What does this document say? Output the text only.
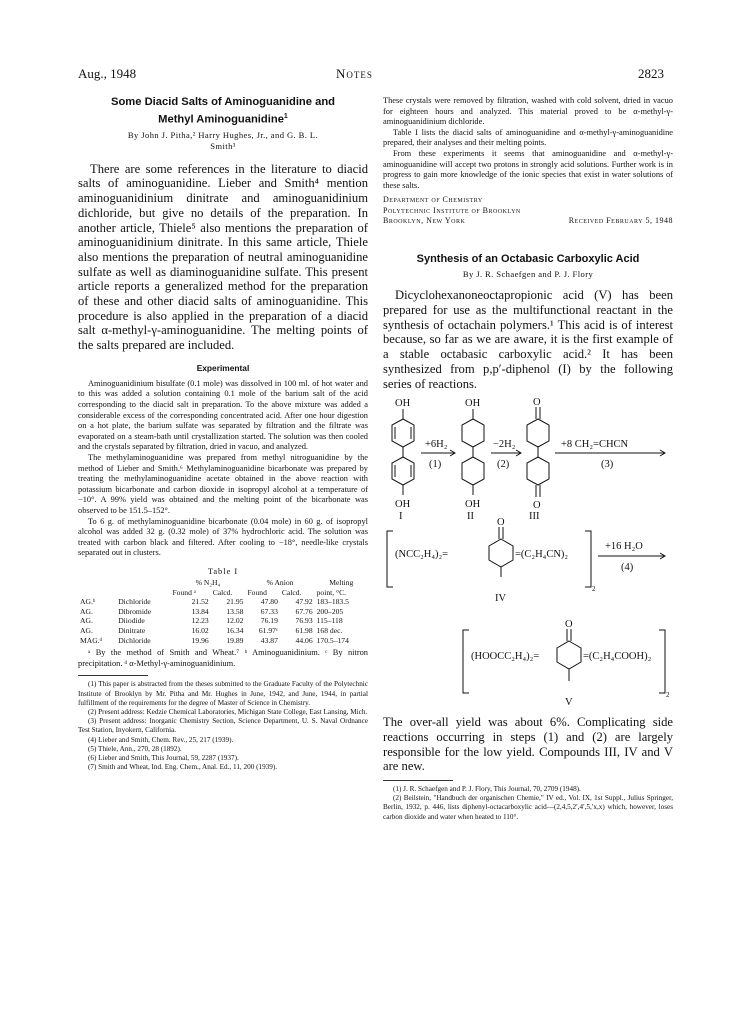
Aug., 1948	Notes	2823

Some Diacid Salts of Aminoguanidine and
Methyl Aminoguanidine$^1$

By John J. Pitha,² Harry Hughes, Jr., and G. B. L.
Smith³

There are some references in the literature to diacid salts of aminoguanidine. Lieber and Smith⁴ mention aminoguanidinium dinitrate and aminoguanidinium dichloride, but give no details of the preparation. In another article, Thiele⁵ also mentions the preparation of aminoguanidinium dinitrate. In this same article, Thiele also mentions the preparation of neutral aminoguanidine sulfate as well as diaminoguanidine sulfate. This present article reports a generalized method for the preparation of these and other diacid salts of aminoguanidine. This procedure is also applied in the preparation of a diacid salt α-methyl-γ-aminoguanidine. The melting points of the salts prepared are included.

Experimental

Aminoguanidinium bisulfate (0.1 mole) was dissolved in 100 ml. of hot water and to this was added a solution containing 0.1 mole of the barium salt of the acid corresponding to the diacid salt in preparation. To the above mixture was added a considerable excess of the corresponding concentrated acid. After one hour digestion on a hot plate, the barium sulfate was separated by filtration and the filtrate was evaporated on a steam-bath until crystallization started. The solution was then cooled and the crystals separated by filtration, dried in vacuo, and analyzed.

The methylaminoguanidine was prepared from methyl nitroguanidine by the method of Lieber and Smith.⁶ Methylaminoguanidine bicarbonate was prepared by treating the methylaminoguanidine acetate obtained in the above reaction with potassium bicarbonate and carbon dioxide in isopropyl alcohol at a temperature of −10°. A 99% yield was obtained and the melting point of the bicarbonate was observed to be 151.5–152°.

To 6 g. of methylaminoguanidine bicarbonate (0.04 mole) in 60 g. of isopropyl alcohol was added 32 g. (0.32 mole) of 37% hydrochloric acid. The solution was treated with carbon black and filtered. After cooling to −18°, needle-like crystals separated out in clusters.

Table I
		% N₂H₄		% Anion		Melting
		Found ᵃ	Calcd.	Found	Calcd.	point, °C.
AG.ᵇ	Dichloride	21.52	21.95	47.80	47.92	183–183.5
AG.	Dibromide	13.84	13.58	67.33	67.76	200–205
AG.	Diiodide	12.23	12.02	76.19	76.93	115–118
AG.	Dinitrate	16.02	16.34	61.97ᶜ	61.98	168 dec.
MAG.ᵈ	Dichloride	19.96	19.89	43.87	44.06	170.5–174

ᵃ By the method of Smith and Wheat.⁷ ᵇ Aminoguanidinium. ᶜ By nitron precipitation. ᵈ α-Methyl-γ-aminoguanidinium.

(1) This paper is abstracted from the theses submitted to the Graduate Faculty of the Polytechnic Institute of Brooklyn by Mr. Pitha and Mr. Hughes in June, 1942, and June, 1944, in partial fulfillment of the requirements for the degree of Master of Science in Chemistry.

(2) Present address: Kedzie Chemical Laboratories, Michigan State College, East Lansing, Mich.

(3) Present address: Inorganic Chemistry Section, Science Department, U. S. Naval Ordnance Test Station, Inyokern, California.

(4) Lieber and Smith, Chem. Rev., 25, 217 (1939).

(5) Thiele, Ann., 270, 28 (1892).

(6) Lieber and Smith, This Journal, 59, 2287 (1937).

(7) Smith and Wheat, Ind. Eng. Chem., Anal. Ed., 11, 200 (1939).

These crystals were removed by filtration, washed with cold solvent, dried in vacuo for eighteen hours and analyzed. This material proved to be α-methyl-γ-aminoguanidinium dichloride.

Table I lists the diacid salts of aminoguanidine and α-methyl-γ-aminoguanidine prepared, their analyses and their melting points.

From these experiments it seems that aminoguanidine and α-methyl-γ-aminoguanidine will accept two protons in strongly acid solutions. Further work is in progress to gain more knowledge of the ionic species that exist in water solutions of these salts.

Department of Chemistry
Polytechnic Institute of Brooklyn
Brooklyn, New York	Received February 5, 1948

Synthesis of an Octabasic Carboxylic Acid

By J. R. Schaefgen and P. J. Flory

Dicyclohexanoneoctapropionic acid (V) has been prepared for use as the multifunctional reactant in the synthesis of octachain polymers.¹ This acid is of interest because, so far as we are aware, it is the first example of a stable octabasic carboxylic acid.² It has been synthesized from p,p′-diphenol (I) by the following series of reactions.

OH
OH
I
OH
OH
II
O
O
III
+6H₂
(1)
−2H₂
(2)
+8 CH₂=CHCN
(3)
O
(NCC₂H₄)₂=	=(C₂H₄CN)₂
2
IV
+16 H₂O
(4)
O
(HOOCC₂H₄)₂=	=(C₂H₄COOH)₂
2
V

The over-all yield was about 6%. Complicating side reactions occurring in steps (1) and (2) are largely responsible for the low yield. Compounds III, IV and V are new.

(1) J. R. Schaefgen and P. J. Flory, This Journal, 70, 2709 (1948).

(2) Beilstein, "Handbuch der organischen Chemie," IV ed., Vol. IX, 1st Suppl., Julius Springer, Berlin, 1932, p. 446, lists diphenyl-octacarboxylic acid—(2,4,5,2′,4′,5,′x,x) which, however, loses carbon dioxide and water when heated to 110°.
